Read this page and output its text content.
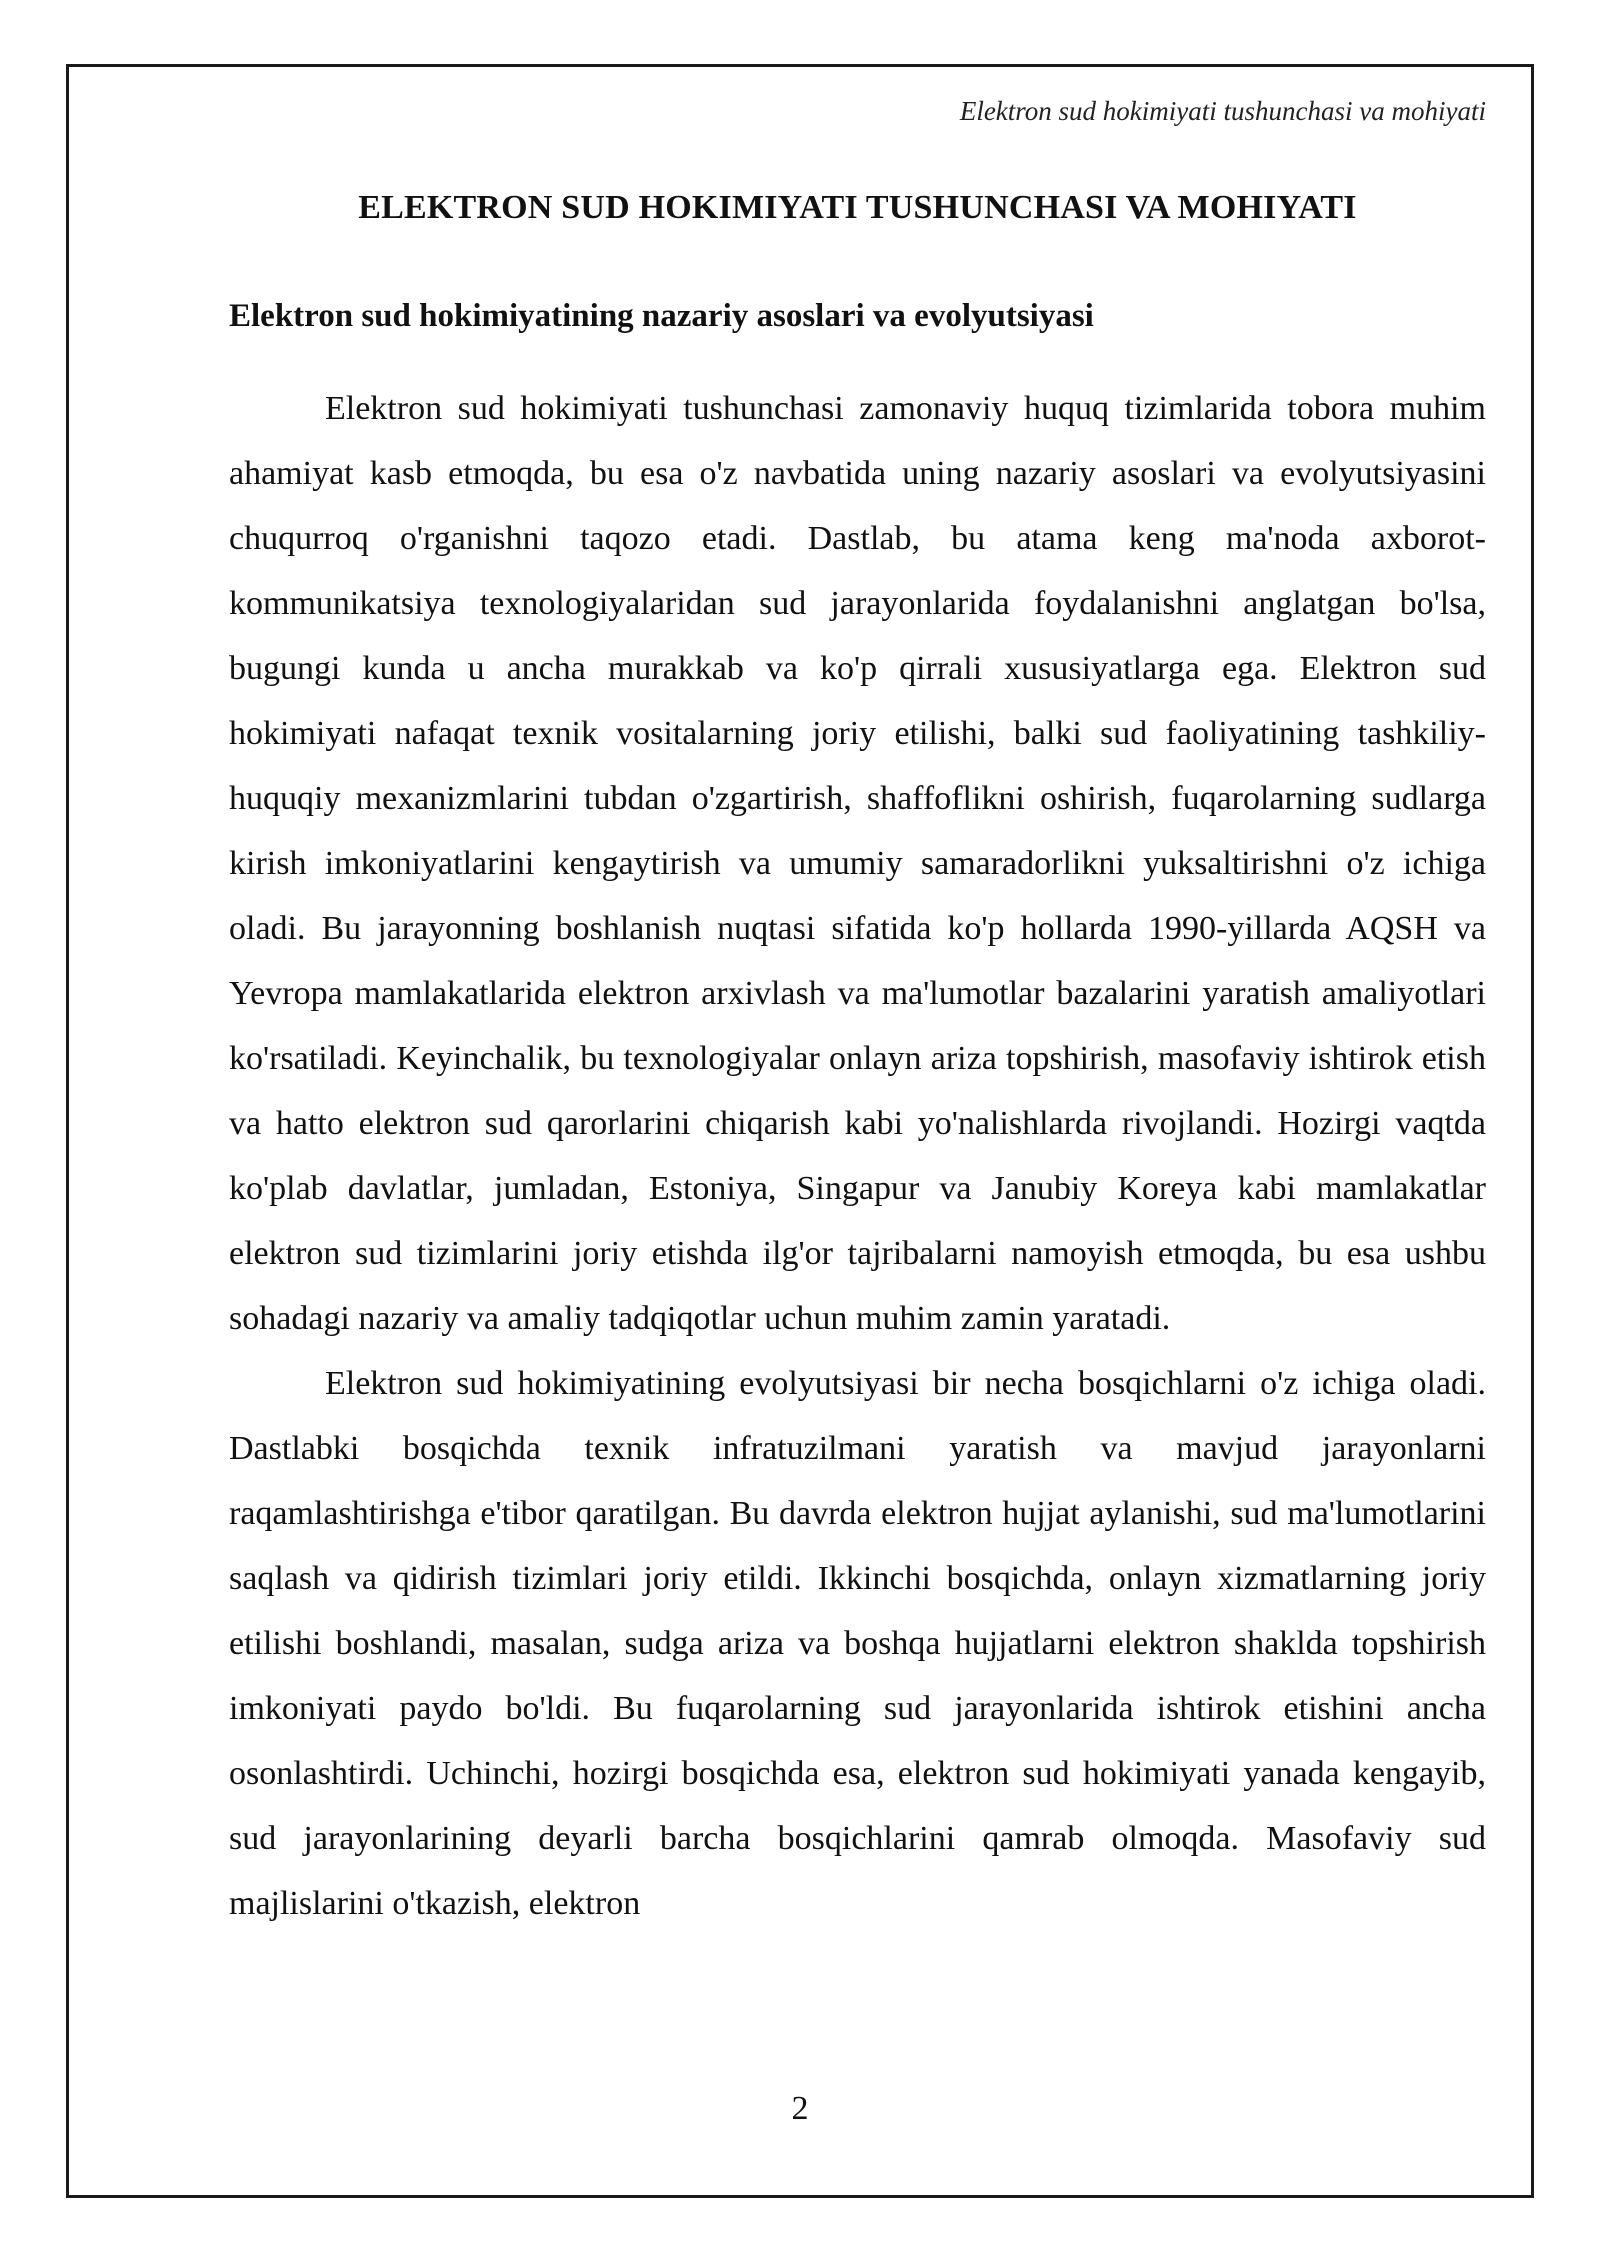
Elektron sud hokimiyati tushunchasi va mohiyati
ELEKTRON SUD HOKIMIYATI TUSHUNCHASI VA MOHIYATI
Elektron sud hokimiyatining nazariy asoslari va evolyutsiyasi

Elektron sud hokimiyati tushunchasi zamonaviy huquq tizimlarida tobora muhim ahamiyat kasb etmoqda, bu esa o'z navbatida uning nazariy asoslari va evolyutsiyasini chuqurroq o'rganishni taqozo etadi. Dastlab, bu atama keng ma'noda axborot-kommunikatsiya texnologiyalaridan sud jarayonlarida foydalanishni anglatgan bo'lsa, bugungi kunda u ancha murakkab va ko'p qirrali xususiyatlarga ega. Elektron sud hokimiyati nafaqat texnik vositalarning joriy etilishi, balki sud faoliyatining tashkiliy-huquqiy mexanizmlarini tubdan o'zgartirish, shaffoflikni oshirish, fuqarolarning sudlarga kirish imkoniyatlarini kengaytirish va umumiy samaradorlikni yuksaltirishni o'z ichiga oladi. Bu jarayonning boshlanish nuqtasi sifatida ko'p hollarda 1990-yillarda AQSH va Yevropa mamlakatlarida elektron arxivlash va ma'lumotlar bazalarini yaratish amaliyotlari ko'rsatiladi. Keyinchalik, bu texnologiyalar onlayn ariza topshirish, masofaviy ishtirok etish va hatto elektron sud qarorlarini chiqarish kabi yo'nalishlarda rivojlandi. Hozirgi vaqtda ko'plab davlatlar, jumladan, Estoniya, Singapur va Janubiy Koreya kabi mamlakatlar elektron sud tizimlarini joriy etishda ilg'or tajribalarni namoyish etmoqda, bu esa ushbu sohadagi nazariy va amaliy tadqiqotlar uchun muhim zamin yaratadi.

Elektron sud hokimiyatining evolyutsiyasi bir necha bosqichlarni o'z ichiga oladi. Dastlabki bosqichda texnik infratuzilmani yaratish va mavjud jarayonlarni raqamlashtirishga e'tibor qaratilgan. Bu davrda elektron hujjat aylanishi, sud ma'lumotlarini saqlash va qidirish tizimlari joriy etildi. Ikkinchi bosqichda, onlayn xizmatlarning joriy etilishi boshlandi, masalan, sudga ariza va boshqa hujjatlarni elektron shaklda topshirish imkoniyati paydo bo'ldi. Bu fuqarolarning sud jarayonlarida ishtirok etishini ancha osonlashtirdi. Uchinchi, hozirgi bosqichda esa, elektron sud hokimiyati yanada kengayib, sud jarayonlarining deyarli barcha bosqichlarini qamrab olmoqda. Masofaviy sud majlislarini o'tkazish, elektron

2
